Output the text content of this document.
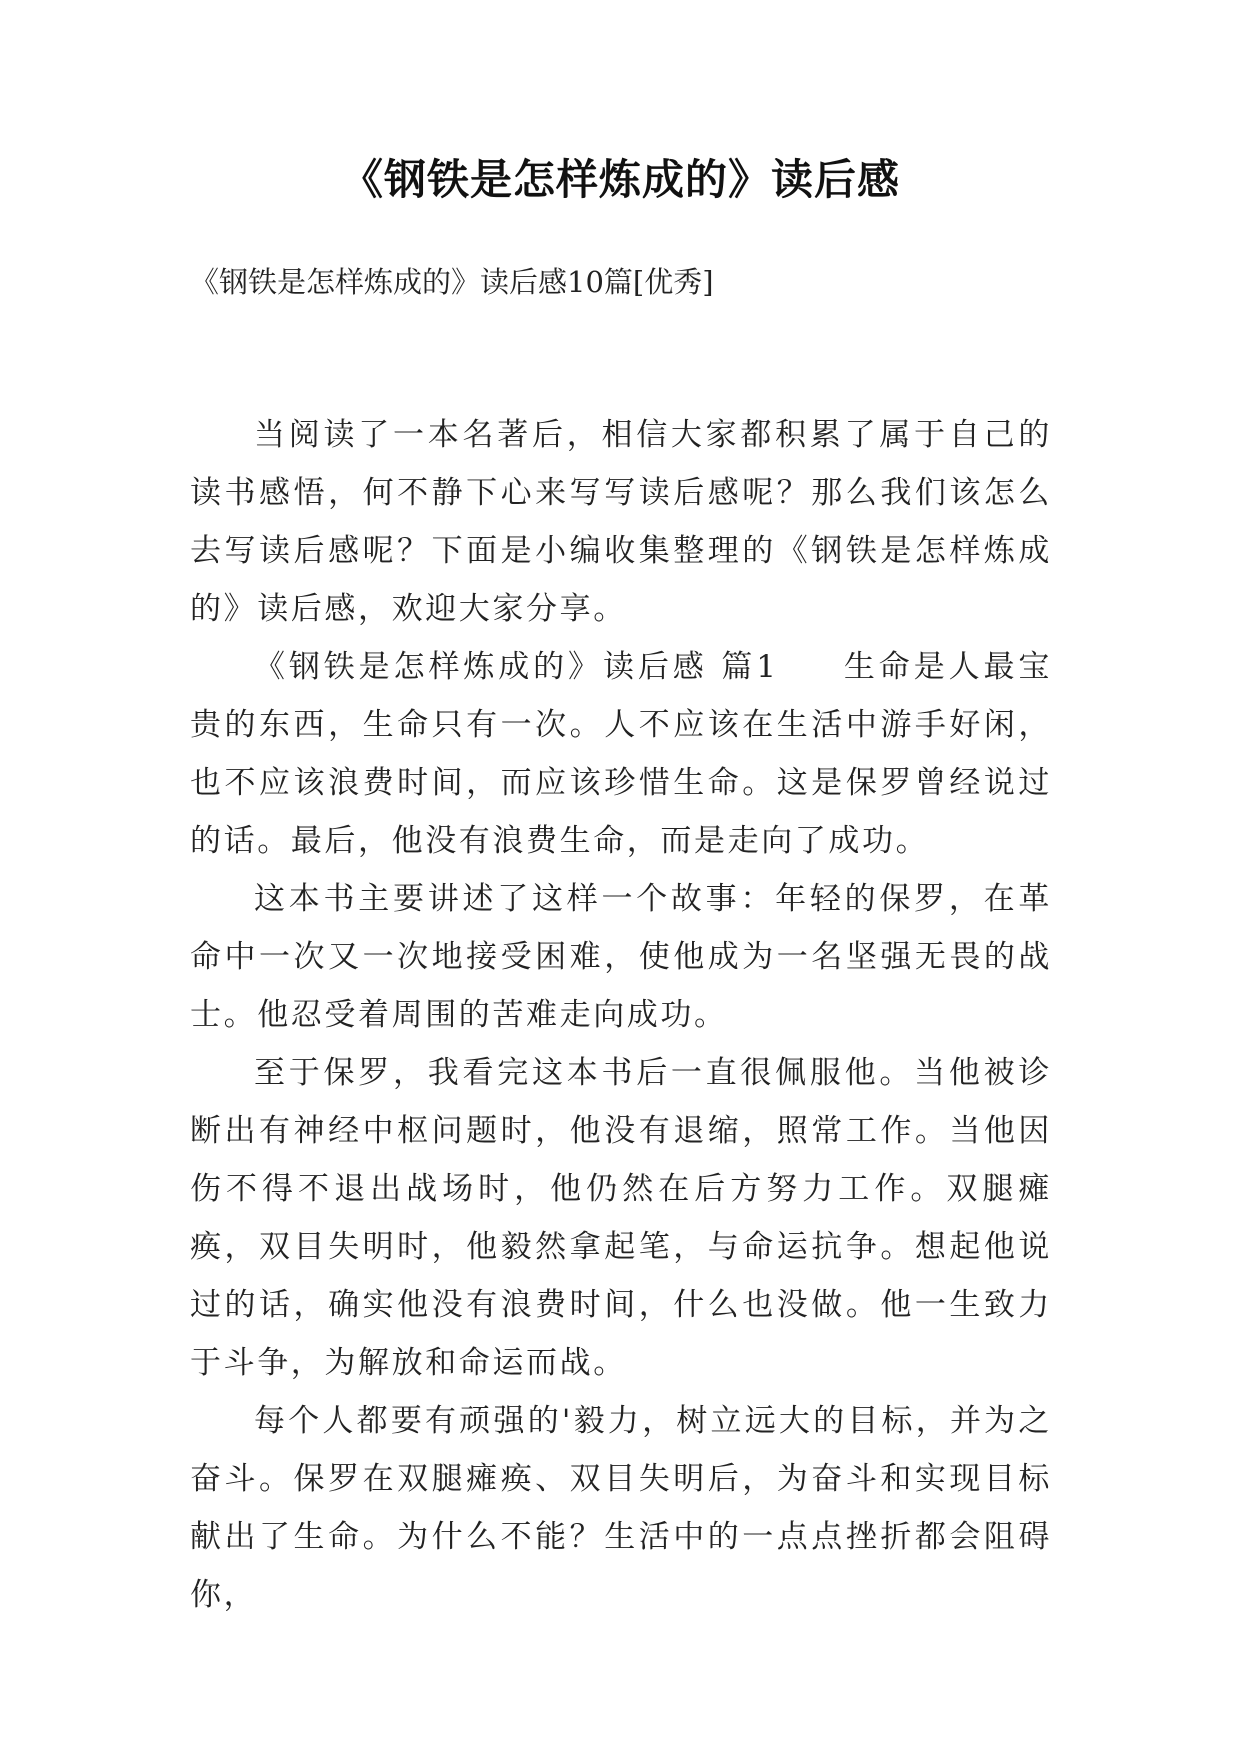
《钢铁是怎样炼成的》读后感

《钢铁是怎样炼成的》读后感10篇[优秀]

当阅读了一本名著后，相信大家都积累了属于自己的读书感悟，何不静下心来写写读后感呢？那么我们该怎么去写读后感呢？下面是小编收集整理的《钢铁是怎样炼成的》读后感，欢迎大家分享。

《钢铁是怎样炼成的》读后感 篇1 生命是人最宝贵的东西，生命只有一次。人不应该在生活中游手好闲，也不应该浪费时间，而应该珍惜生命。这是保罗曾经说过的话。最后，他没有浪费生命，而是走向了成功。

这本书主要讲述了这样一个故事：年轻的保罗，在革命中一次又一次地接受困难，使他成为一名坚强无畏的战士。他忍受着周围的苦难走向成功。

至于保罗，我看完这本书后一直很佩服他。当他被诊断出有神经中枢问题时，他没有退缩，照常工作。当他因伤不得不退出战场时，他仍然在后方努力工作。双腿瘫痪，双目失明时，他毅然拿起笔，与命运抗争。想起他说过的话，确实他没有浪费时间，什么也没做。他一生致力于斗争，为解放和命运而战。

每个人都要有顽强的'毅力，树立远大的目标，并为之奋斗。保罗在双腿瘫痪、双目失明后，为奋斗和实现目标献出了生命。为什么不能？生活中的一点点挫折都会阻碍你，
